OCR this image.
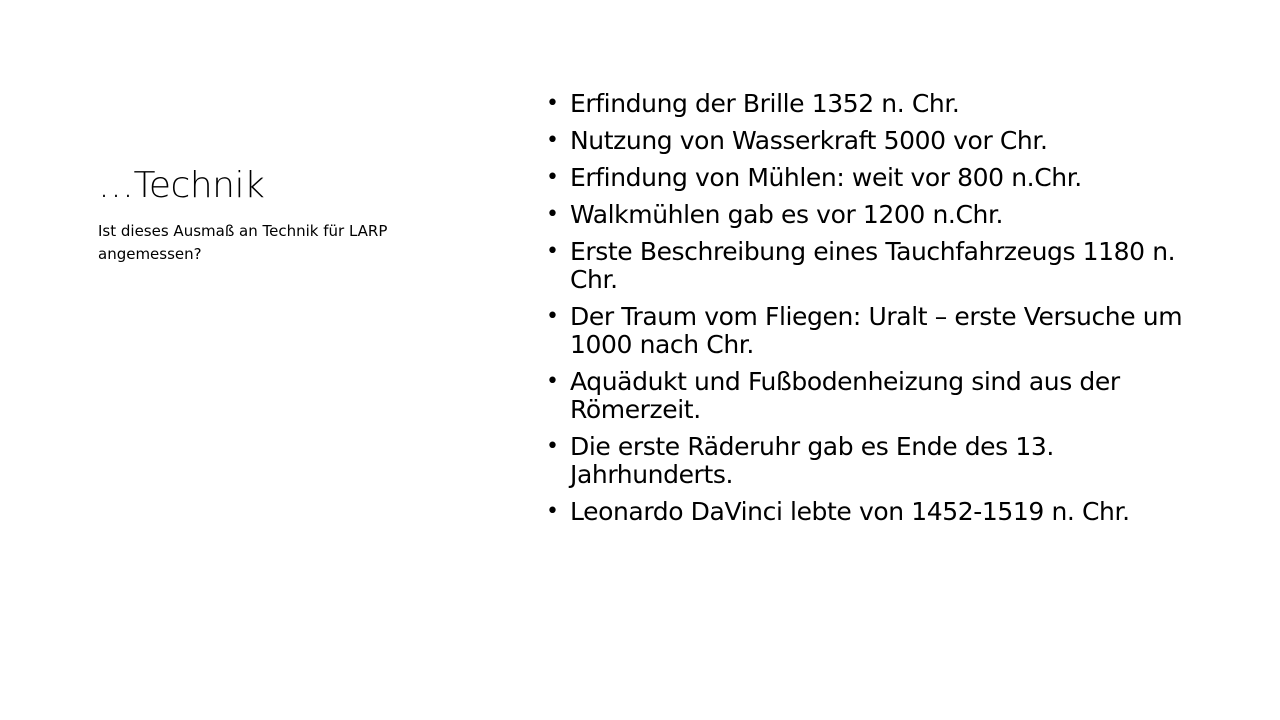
…Technik

Ist dieses Ausmaß an Technik für LARP angemessen?

• Erfindung der Brille 1352 n. Chr.
• Nutzung von Wasserkraft 5000 vor Chr.
• Erfindung von Mühlen: weit vor 800 n.Chr.
• Walkmühlen gab es vor 1200 n.Chr.
• Erste Beschreibung eines Tauchfahrzeugs 1180 n. Chr.
• Der Traum vom Fliegen: Uralt – erste Versuche um 1000 nach Chr.
• Aquädukt und Fußbodenheizung sind aus der Römerzeit.
• Die erste Räderuhr gab es Ende des 13. Jahrhunderts.
• Leonardo DaVinci lebte von 1452-1519 n. Chr.
